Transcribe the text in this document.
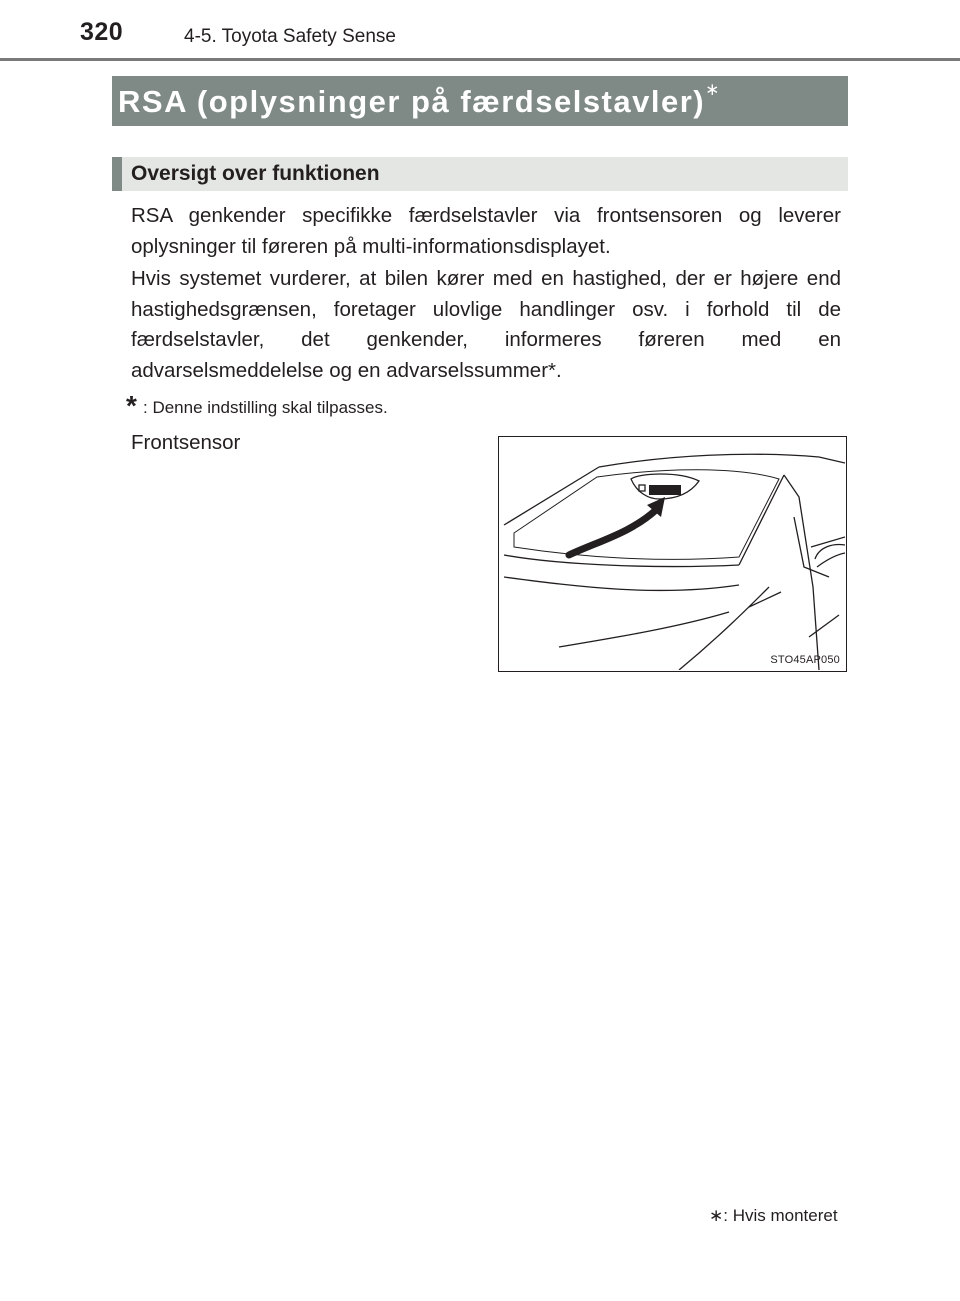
320	4-5. Toyota Safety Sense
RSA (oplysninger på færdselstavler)∗
Oversigt over funktionen

RSA genkender specifikke færdselstavler via frontsensoren og leverer oplysninger til føreren på multi-informationsdisplayet.

Hvis systemet vurderer, at bilen kører med en hastighed, der er højere end hastighedsgrænsen, foretager ulovlige handlinger osv. i forhold til de færdselstavler, det genkender, informeres føreren med en advarselsmeddelelse og en advarselssummer*.

* : Denne indstilling skal tilpasses.
Frontsensor
STO45AP050
∗: Hvis monteret
